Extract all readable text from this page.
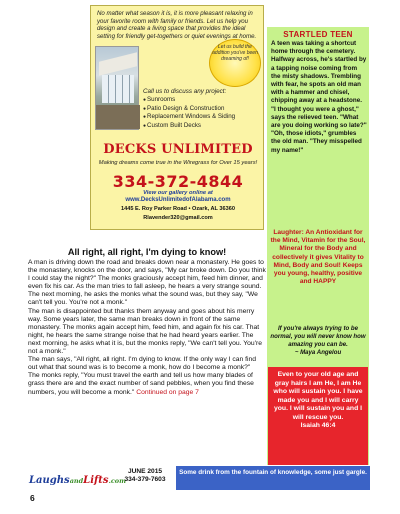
No matter what season it is, it is more pleasant relaxing in your favorite room with family or friends. Let us help you design and create a living space that provides the ideal setting for friendly get-togethers or quiet evenings at home.

Let us build the addition you've been dreaming of!
Call us to discuss any project:
● Sunrooms
● Patio Design & Construction
● Replacement Windows & Siding
● Custom Built Decks
DECKS UNLIMITED
Making dreams come true in the Wiregrass for Over 15 years!
334-372-4844
View our gallery online at
www.DecksUnlimitedofAlabama.com
1445 E. Roy Parker Road • Ozark, AL 36360
Rlavender320@gmail.com
All right, all right, I'm dying to know!

A man is driving down the road and breaks down near a monastery. He goes to the monastery, knocks on the door, and says, "My car broke down. Do you think I could stay the night?" The monks graciously accept him, feed him dinner, and even fix his car. As the man tries to fall asleep, he hears a very strange sound. The next morning, he asks the monks what the sound was, but they say, "We can't tell you. You're not a monk."
The man is disappointed but thanks them anyway and goes about his merry way. Some years later, the same man breaks down in front of the same monastery. The monks again accept him, feed him, and again fix his car. That night, he hears the same strange noise that he had heard years earlier. The next morning, he asks what it is, but the monks reply, "We can't tell you. You're not a monk."
The man says, "All right, all right. I'm dying to know. If the only way I can find out what that sound was is to become a monk, how do I become a monk?"
The monks reply, "You must travel the earth and tell us how many blades of grass there are and the exact number of sand pebbles, when you find these numbers, you will become a monk." Continued on page 7

STARTLED TEEN
A teen was taking a shortcut home through the cemetery. Halfway across, he's startled by a tapping noise coming from the misty shadows. Trembling with fear, he spots an old man with a hammer and chisel, chipping away at a headstone.
"I thought you were a ghost," says the relieved teen. "What are you doing working so late?"
"Oh, those idiots," grumbles the old man. "They misspelled my name!"
Laughter: An Antioxidant for the Mind, Vitamin for the Soul, Mineral for the Body and collectively it gives Vitality to Mind, Body and Soul! Keeps you young, healthy, positive and HAPPY
If you're always trying to be normal, you will never know how amazing you can be.
~ Maya Angelou
Even to your old age and gray hairs I am He, I am He who will sustain you. I have made you and I will carry you. I will sustain you and I will rescue you.
Isaiah 46:4
LaughsandLifts.com
JUNE 2015
334-379-7603
Some drink from the fountain of knowledge, some just gargle.
6
